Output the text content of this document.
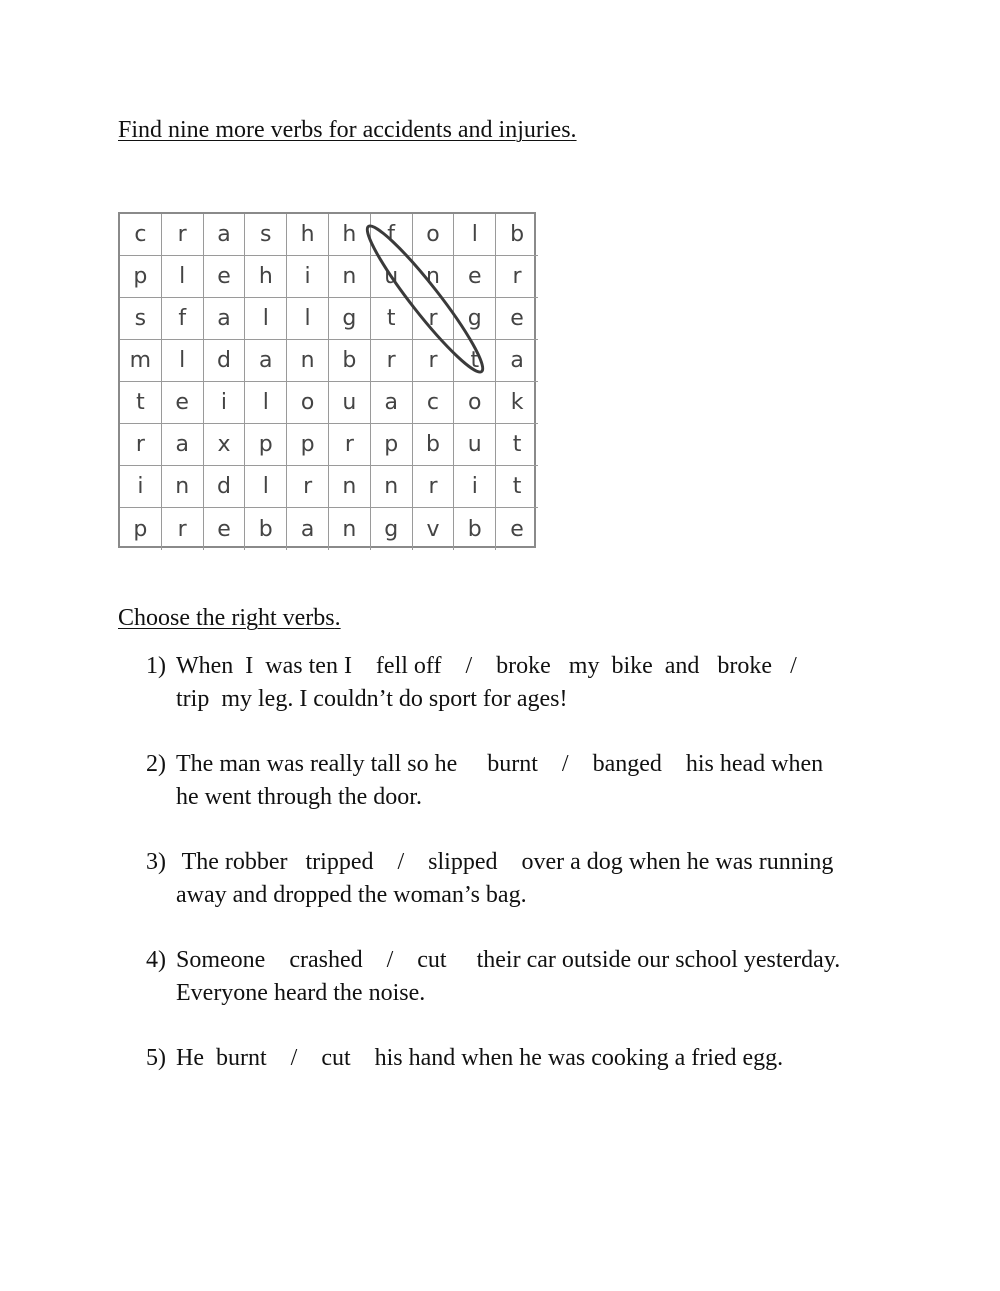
Find nine more verbs for accidents and injuries.
c	r	a	s	h	h	f	o	l	b
p	l	e	h	i	n	u	n	e	r
s	f	a	l	l	g	t	r	g	e
m	l	d	a	n	b	r	r	t	a
t	e	i	l	o	u	a	c	o	k
r	a	x	p	p	r	p	b	u	t
i	n	d	l	r	n	n	r	i	t
p	r	e	b	a	n	g	v	b	e
Choose the right verbs.
1) When  I  was ten I    fell off    /    broke   my  bike  and   broke   /
trip  my leg. I couldn’t do sport for ages!
2) The man was really tall so he     burnt    /    banged    his head when
he went through the door.
3) The robber   tripped    /    slipped    over a dog when he was running
away and dropped the woman’s bag.
4) Someone    crashed    /    cut     their car outside our school yesterday.
Everyone heard the noise.
5) He  burnt    /    cut    his hand when he was cooking a fried egg.
